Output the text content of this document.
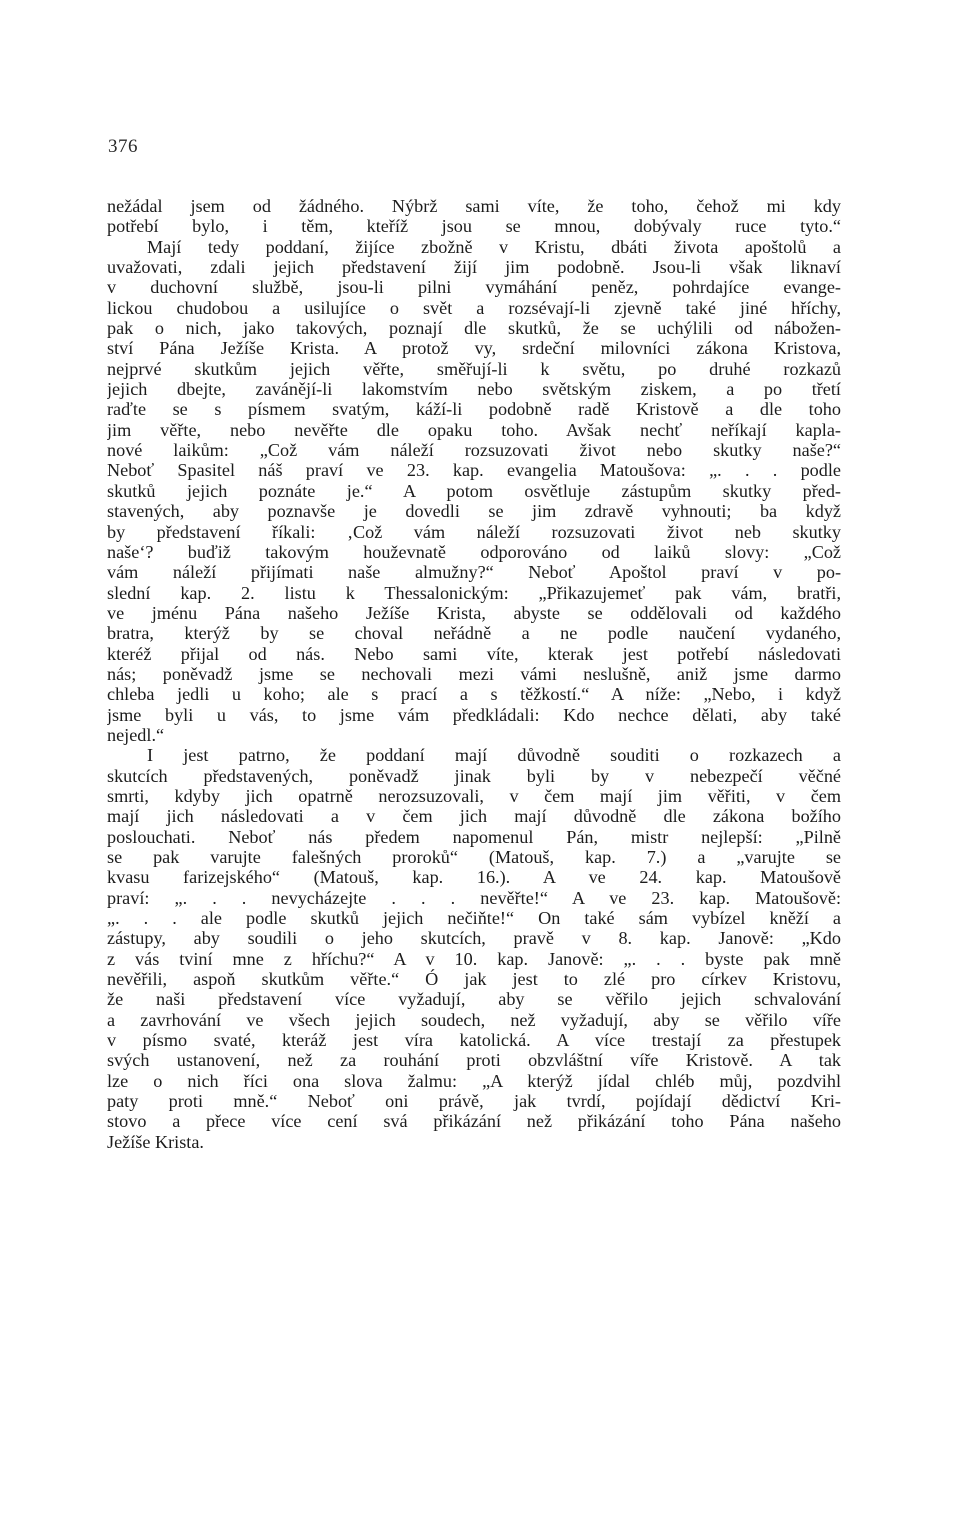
376
nežádal jsem od žádného. Nýbrž sami víte, že toho, čehož mi kdy
potřebí bylo, i těm, kteříž jsou se mnou, dobývaly ruce tyto.“
Mají tedy poddaní, žijíce zbožně v Kristu, dbáti života apoštolů a
uvažovati, zdali jejich představení žijí jim podobně. Jsou-li však liknaví
v duchovní službě, jsou-li pilni vymáhání peněz, pohrdajíce evange-
lickou chudobou a usilujíce o svět a rozsévají-li zjevně také jiné hříchy,
pak o nich, jako takových, poznají dle skutků, že se uchýlili od nábožen-
ství Pána Ježíše Krista. A protož vy, srdeční milovníci zákona Kristova,
nejprvé skutkům jejich věřte, směřují-li k světu, po druhé rozkazů
jejich dbejte, zavánějí-li lakomstvím nebo světským ziskem, a po třetí
raďte se s písmem svatým, káží-li podobně radě Kristově a dle toho
jim věřte, nebo nevěřte dle opaku toho. Avšak nechť neříkají kapla-
nové laikům: „Což vám náleží rozsuzovati život nebo skutky naše?“
Neboť Spasitel náš praví ve 23. kap. evangelia Matoušova: „. . . podle
skutků jejich poznáte je.“ A potom osvětluje zástupům skutky před-
stavených, aby poznavše je dovedli se jim zdravě vyhnouti; ba když
by představení říkali: ‚Což vám náleží rozsuzovati život neb skutky
naše‘? buďiž takovým houževnatě odporováno od laiků slovy: „Což
vám náleží přijímati naše almužny?“ Neboť Apoštol praví v po-
slední kap. 2. listu k Thessalonickým: „Přikazujemeť pak vám, bratři,
ve jménu Pána našeho Ježíše Krista, abyste se oddělovali od každého
bratra, kterýž by se choval neřádně a ne podle naučení vydaného,
kteréž přijal od nás. Nebo sami víte, kterak jest potřebí následovati
nás; poněvadž jsme se nechovali mezi vámi neslušně, aniž jsme darmo
chleba jedli u koho; ale s prací a s těžkostí.“ A níže: „Nebo, i když
jsme byli u vás, to jsme vám předkládali: Kdo nechce dělati, aby také
nejedl.“
I jest patrno, že poddaní mají důvodně souditi o rozkazech a
skutcích představených, poněvadž jinak byli by v nebezpečí věčné
smrti, kdyby jich opatrně nerozsuzovali, v čem mají jim věřiti, v čem
mají jich následovati a v čem jich mají důvodně dle zákona božího
poslouchati. Neboť nás předem napomenul Pán, mistr nejlepší: „Pilně
se pak varujte falešných proroků“ (Matouš, kap. 7.) a „varujte se
kvasu farizejského“ (Matouš, kap. 16.). A ve 24. kap. Matoušově
praví: „. . . nevycházejte . . . nevěřte!“ A ve 23. kap. Matoušově:
„. . . ale podle skutků jejich nečiňte!“ On také sám vybízel kněží a
zástupy, aby soudili o jeho skutcích, pravě v 8. kap. Janově: „Kdo
z vás tviní mne z hříchu?“ A v 10. kap. Janově: „. . . byste pak mně
nevěřili, aspoň skutkům věřte.“ Ó jak jest to zlé pro církev Kristovu,
že naši představení více vyžadují, aby se věřilo jejich schvalování
a zavrhování ve všech jejich soudech, než vyžadují, aby se věřilo víře
v písmo svaté, kteráž jest víra katolická. A více trestají za přestupek
svých ustanovení, než za rouhání proti obzvláštní víře Kristově. A tak
lze o nich říci ona slova žalmu: „A kterýž jídal chléb můj, pozdvihl
paty proti mně.“ Neboť oni právě, jak tvrdí, pojídají dědictví Kri-
stovo a přece více cení svá přikázání než přikázání toho Pána našeho
Ježíše Krista.
